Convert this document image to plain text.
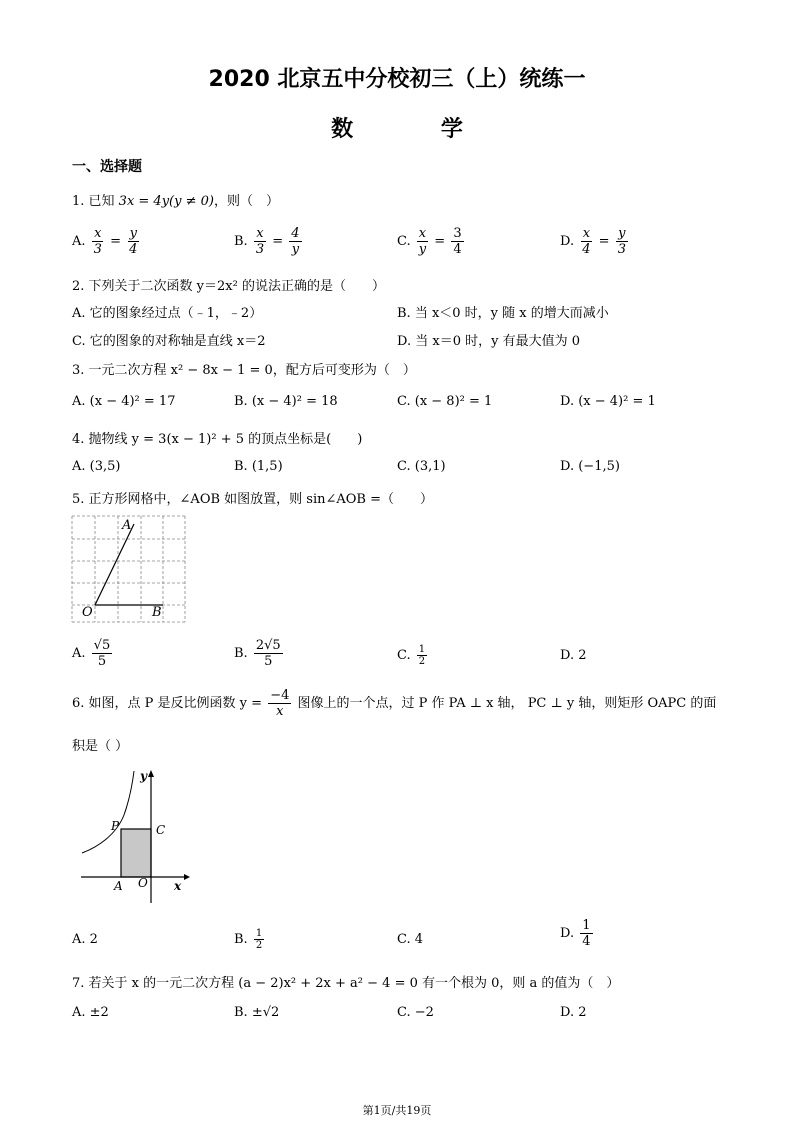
2020 北京五中分校初三（上）统练一
数 学
一、选择题
1. 已知 3x = 4y(y ≠ 0)，则（　）
A. $\frac{x}{3} = \frac{y}{4}$	B. $\frac{x}{3} = \frac{4}{y}$	C. $\frac{x}{y} = \frac{3}{4}$	D. $\frac{x}{4} = \frac{y}{3}$
2. 下列关于二次函数 y＝2x² 的说法正确的是（　　）
A. 它的图象经过点（﹣1，﹣2）	B. 当 x＜0 时，y 随 x 的增大而减小
C. 它的图象的对称轴是直线 x＝2	D. 当 x＝0 时，y 有最大值为 0
3. 一元二次方程 x² − 8x − 1 = 0，配方后可变形为（　）
A. (x − 4)² = 17	B. (x − 4)² = 18	C. (x − 8)² = 1	D. (x − 4)² = 1
4. 抛物线 y = 3(x − 1)² + 5 的顶点坐标是(　　)
A. (3,5)	B. (1,5)	C. (3,1)	D. (−1,5)
5. 正方形网格中，∠AOB 如图放置，则 sin∠AOB =（　　）
A
O	B
A. $\frac{√5}{5}$	B. $\frac{2√5}{5}$	C. $\frac{1}{2}$	D. 2
6. 如图，点 P 是反比例函数 $y = \frac{-4}{x}$ 图像上的一个点，过 P 作 PA ⊥ x 轴， PC ⊥ y 轴，则矩形 OAPC 的面
积是（ ）
y
x
P	C
A O
A. 2	B. $\frac{1}{2}$	C. 4	D. $\frac{1}{4}$
7. 若关于 x 的一元二次方程 (a − 2)x² + 2x + a² − 4 = 0 有一个根为 0，则 a 的值为（　）
A. ±2	B. ±√2	C. −2	D. 2
第1页/共19页
